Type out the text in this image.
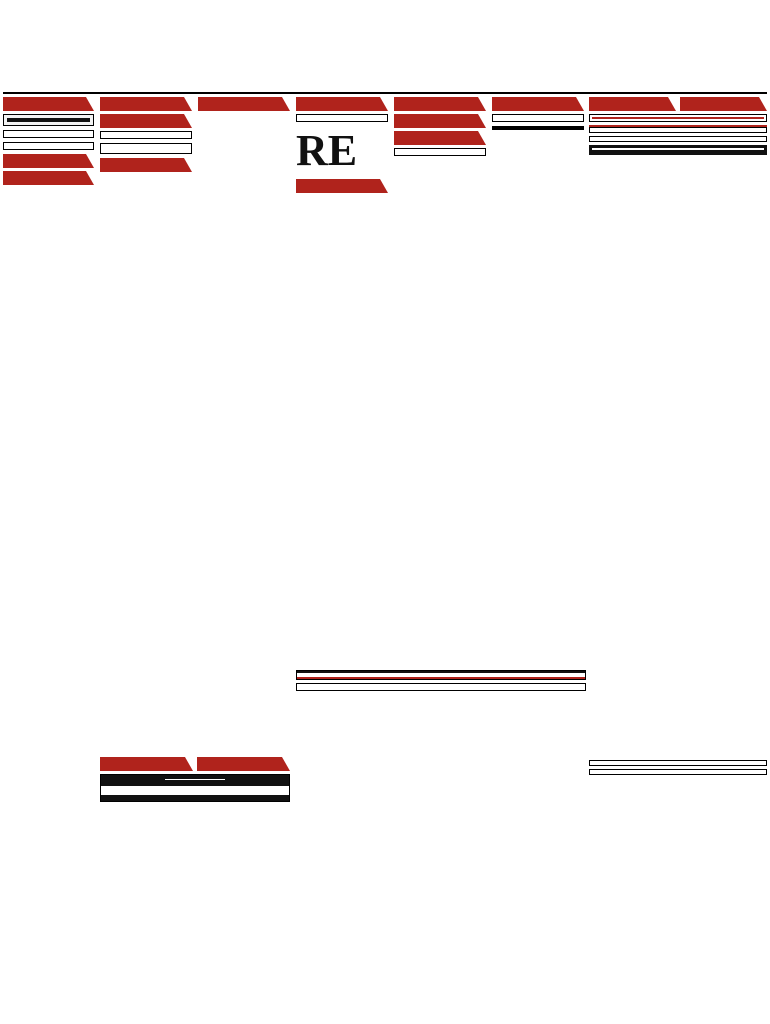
RE
